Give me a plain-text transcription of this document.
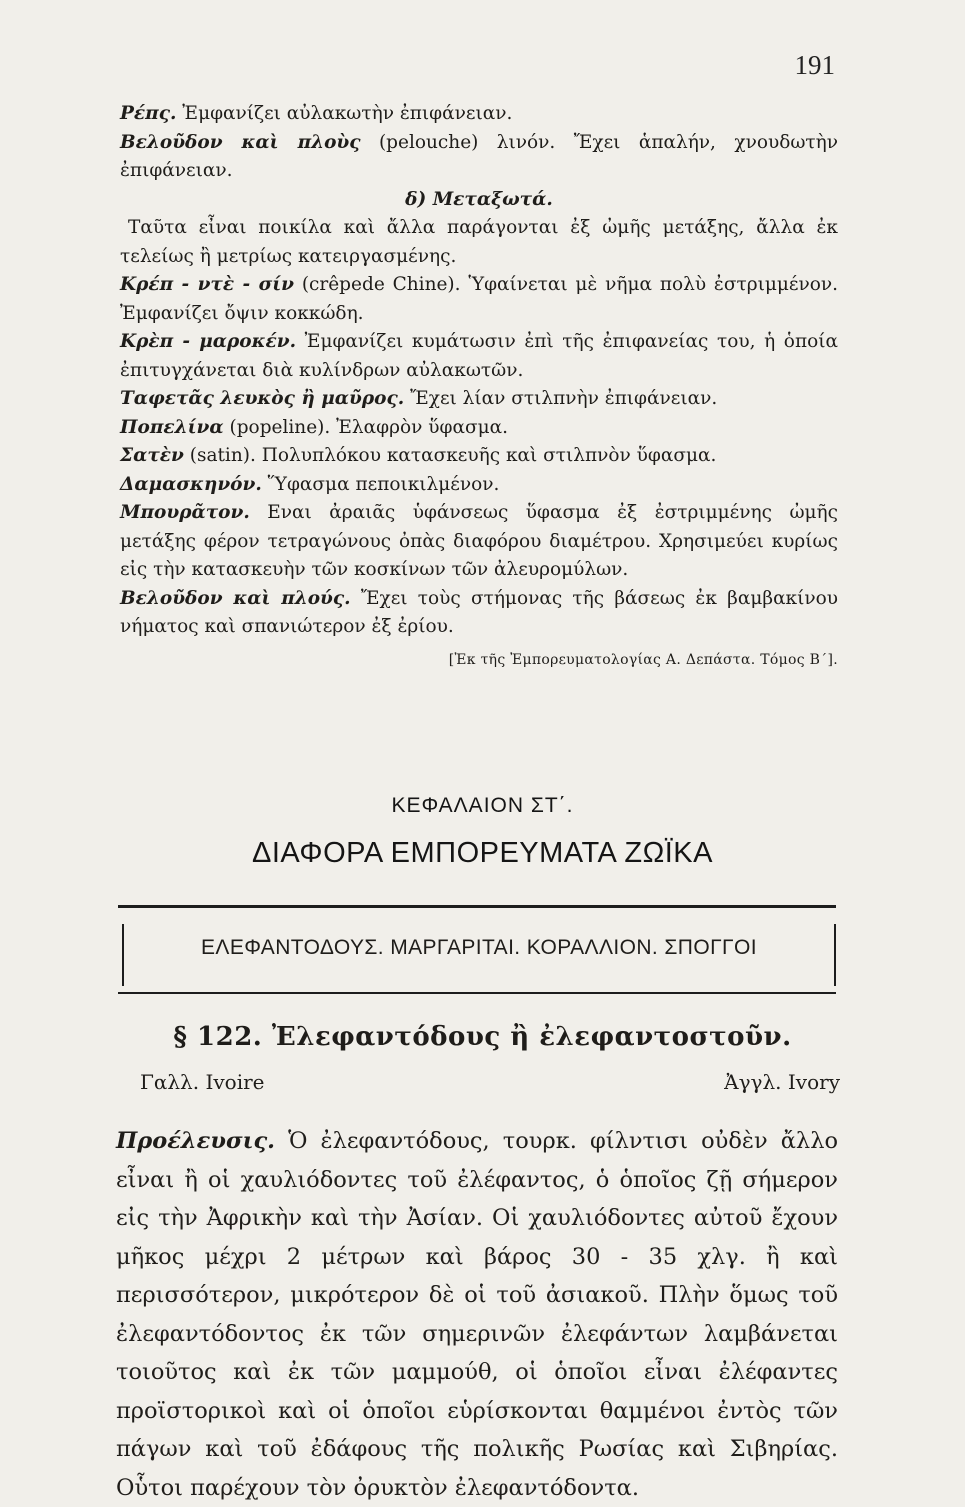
191

Ρέπς. Ἐμφανίζει αὐλακωτὴν ἐπιφάνειαν.

Βελοῦδον καὶ πλοὺς (pelouche) λινόν. Ἔχει ἁπαλήν, χνουδωτὴν ἐπιφάνειαν.

δ) Μεταξωτά.

Ταῦτα εἶναι ποικίλα καὶ ἄλλα παράγονται ἐξ ὠμῆς μετάξης, ἄλλα ἐκ τελείως ἢ μετρίως κατειργασμένης.

Κρέπ - ντὲ - σίν (crêpede Chine). Ὑφαίνεται μὲ νῆμα πολὺ ἐστριμμένον. Ἐμφανίζει ὄψιν κοκκώδη.

Κρὲπ - μαροκέν. Ἐμφανίζει κυμάτωσιν ἐπὶ τῆς ἐπιφανείας του, ἡ ὁποία ἐπιτυγχάνεται διὰ κυλίνδρων αὐλακωτῶν.

Ταφετᾶς λευκὸς ἢ μαῦρος. Ἔχει λίαν στιλπνὴν ἐπιφάνειαν.

Ποπελίνα (popeline). Ἐλαφρὸν ὕφασμα.

Σατὲν (satin). Πολυπλόκου κατασκευῆς καὶ στιλπνὸν ὕφασμα.

Δαμασκηνόν. Ὕφασμα πεποικιλμένον.

Μπουρᾶτον. Εναι ἀραιᾶς ὑφάνσεως ὕφασμα ἐξ ἐστριμμένης ὠμῆς μετάξης φέρον τετραγώνους ὀπὰς διαφόρου διαμέτρου. Χρησιμεύει κυρίως εἰς τὴν κατασκευὴν τῶν κοσκίνων τῶν ἀλευρομύλων.

Βελοῦδον καὶ πλούς. Ἔχει τοὺς στήμονας τῆς βάσεως ἐκ βαμβακίνου νήματος καὶ σπανιώτερον ἐξ ἐρίου.

[Ἐκ τῆς Ἐμπορευματολογίας Α. Δεπάστα. Τόμος Β΄].

ΚΕΦΑΛΑΙΟΝ ΣΤ΄.
ΔΙΑΦΟΡΑ ΕΜΠΟΡΕΥΜΑΤΑ ΖΩΪΚΑ
ΕΛΕΦΑΝΤΟΔΟΥΣ. ΜΑΡΓΑΡΙΤΑΙ. ΚΟΡΑΛΛΙΟΝ. ΣΠΟΓΓΟΙ
§ 122. Ἐλεφαντόδους ἢ ἐλεφαντοστοῦν.
Γαλλ. Ivoire	Ἀγγλ. Ivory

Προέλευσις. Ὁ ἐλεφαντόδους, τουρκ. φίλντισι οὐδὲν ἄλλο εἶναι ἢ οἱ χαυλιόδοντες τοῦ ἐλέφαντος, ὁ ὁποῖος ζῇ σήμερον εἰς τὴν Ἀφρικὴν καὶ τὴν Ἀσίαν. Οἱ χαυλιόδοντες αὐτοῦ ἔχουν μῆκος μέχρι 2 μέτρων καὶ βάρος 30 - 35 χλγ. ἢ καὶ περισσότερον, μικρότερον δὲ οἱ τοῦ ἀσιακοῦ. Πλὴν ὅμως τοῦ ἐλεφαντόδοντος ἐκ τῶν σημερινῶν ἐλεφάντων λαμβάνεται τοιοῦτος καὶ ἐκ τῶν μαμμούθ, οἱ ὁποῖοι εἶναι ἐλέφαντες προϊστορικοὶ καὶ οἱ ὁποῖοι εὑρίσκονται θαμμένοι ἐντὸς τῶν πάγων καὶ τοῦ ἐδάφους τῆς πολικῆς Ρωσίας καὶ Σιβηρίας. Οὗτοι παρέχουν τὸν ὀρυκτὸν ἐλεφαντόδοντα.
